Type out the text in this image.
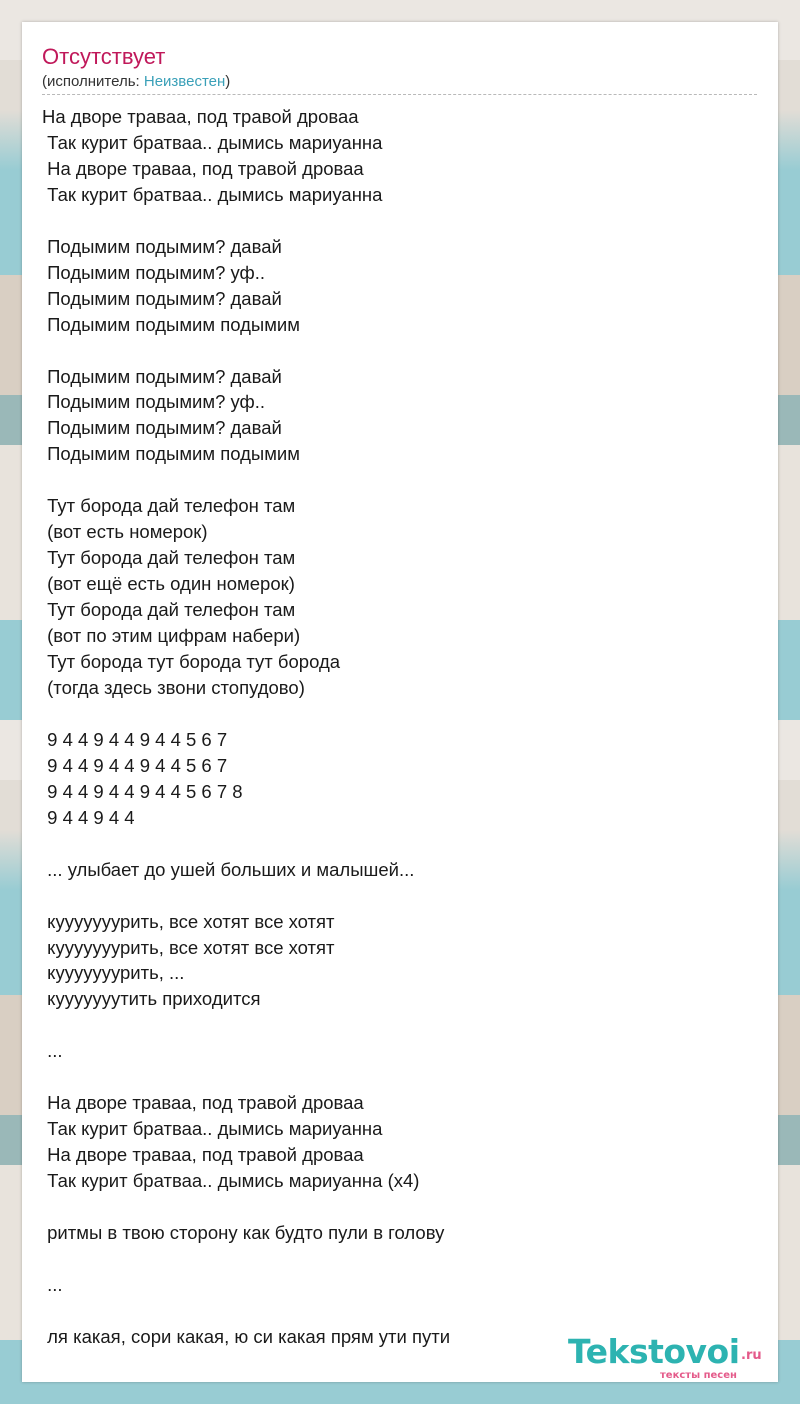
Отсутствует
(исполнитель: Неизвестен)
На дворе траваа, под травой дроваа
Так курит братваа.. дымись мариуанна
На дворе траваа, под травой дроваа
Так курит братваа.. дымись мариуанна

Подымим подымим? давай
Подымим подымим? уф..
Подымим подымим? давай
Подымим подымим подымим

Подымим подымим? давай
Подымим подымим? уф..
Подымим подымим? давай
Подымим подымим подымим

Тут борода дай телефон там
(вот есть номерок)
Тут борода дай телефон там
(вот ещё есть один номерок)
Тут борода дай телефон там
(вот по этим цифрам набери)
Тут борода тут борода тут борода
(тогда здесь звони стопудово)

9 4 4 9 4 4 9 4 4 5 6 7
9 4 4 9 4 4 9 4 4 5 6 7
9 4 4 9 4 4 9 4 4 5 6 7 8
9 4 4 9 4 4

... улыбает до ушей больших и малышей...

кууууууурить, все хотят все хотят
кууууууурить, все хотят все хотят
кууууууурить, ...
кууууууутить приходится

...

На дворе траваа, под травой дроваа
Так курит братваа.. дымись мариуанна
На дворе траваа, под травой дроваа
Так курит братваа.. дымись мариуанна (x4)

ритмы в твою сторону как будто пули в голову

...

ля какая, сори какая, ю си какая прям ути пути	Tekstovoi .ru
тексты песен
